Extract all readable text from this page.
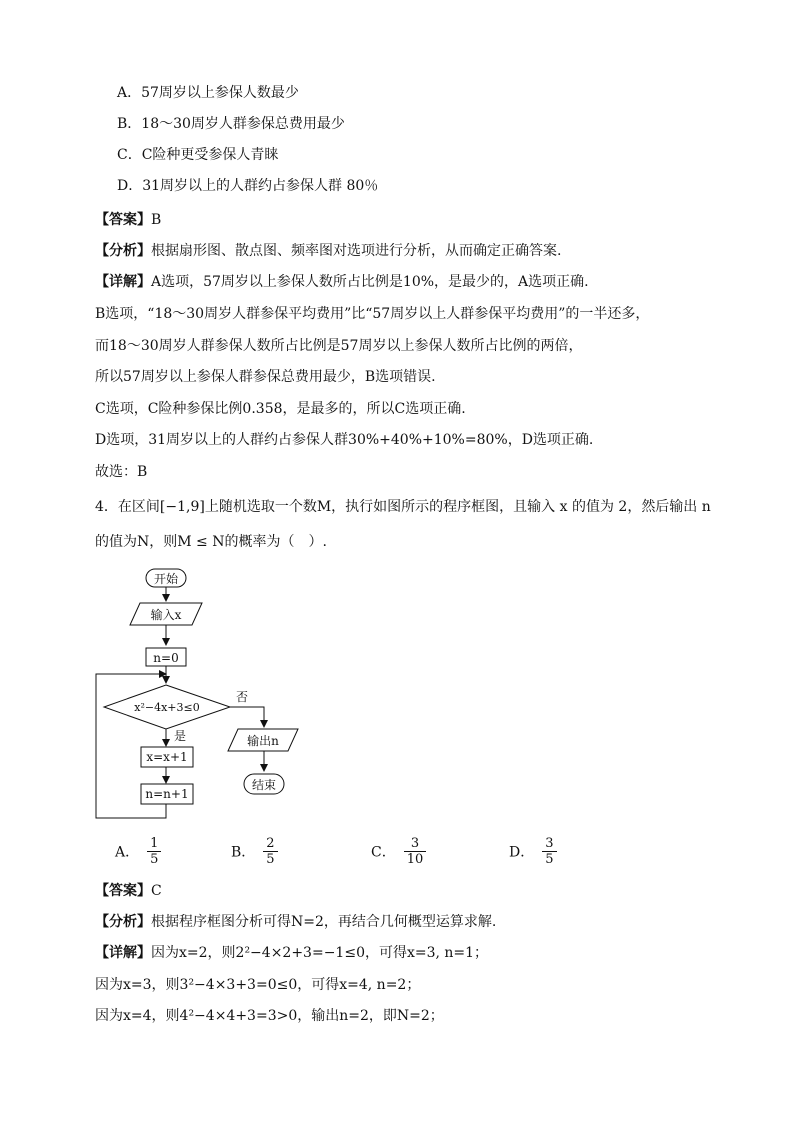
A．57周岁以上参保人数最少
B．18～30周岁人群参保总费用最少
C．C险种更受参保人青睐
D．31周岁以上的人群约占参保人群 80％
【答案】B
【分析】根据扇形图、散点图、频率图对选项进行分析，从而确定正确答案.
【详解】A选项，57周岁以上参保人数所占比例是10%，是最少的，A选项正确.
B选项，“18～30周岁人群参保平均费用”比“57周岁以上人群参保平均费用”的一半还多，
而18～30周岁人群参保人数所占比例是57周岁以上参保人数所占比例的两倍，
所以57周岁以上参保人群参保总费用最少，B选项错误.
C选项，C险种参保比例0.358，是最多的，所以C选项正确.
D选项，31周岁以上的人群约占参保人群30%+40%+10%=80%，D选项正确.
故选：B
4．在区间[−1,9]上随机选取一个数M，执行如图所示的程序框图，且输入 x 的值为 2，然后输出 n
的值为N，则M ≤ N的概率为（　）.
开始
输入x
n=0
x²−4x+3≤0
否
是	输出n
结束
x=x+1
n=n+1
A． $\frac{1}{5}$	B． $\frac{2}{5}$	C． $\frac{3}{10}$	D． $\frac{3}{5}$
【答案】C
【分析】根据程序框图分析可得N=2，再结合几何概型运算求解.
【详解】因为x=2，则2²−4×2+3=−1≤0，可得x=3, n=1；
因为x=3，则3²−4×3+3=0≤0，可得x=4, n=2；
因为x=4，则4²−4×4+3=3>0，输出n=2，即N=2；
